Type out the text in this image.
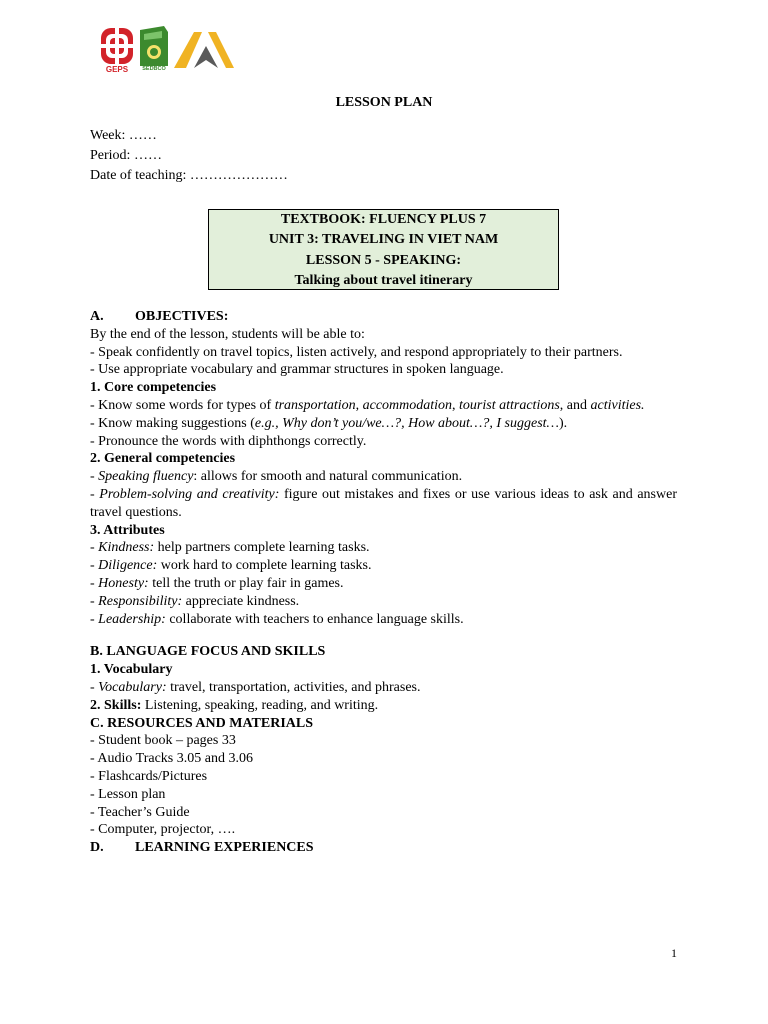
GEPS	SEDBCO
LESSON PLAN
Week: ……
Period: ……
Date of teaching: …………………
TEXTBOOK: FLUENCY PLUS 7
UNIT 3: TRAVELING IN VIET NAM
LESSON 5 - SPEAKING:
Talking about travel itinerary
A.	OBJECTIVES:
By the end of the lesson, students will be able to:
- Speak confidently on travel topics, listen actively, and respond appropriately to their partners.
- Use appropriate vocabulary and grammar structures in spoken language.
1. Core competencies
- Know some words for types of transportation, accommodation, tourist attractions, and activities.
- Know making suggestions (e.g., Why don’t you/we…?, How about…?, I suggest…).
- Pronounce the words with diphthongs correctly.
2. General competencies
- Speaking fluency: allows for smooth and natural communication.
- Problem-solving and creativity: figure out mistakes and fixes or use various ideas to ask and answer travel questions.
3. Attributes
- Kindness: help partners complete learning tasks.
- Diligence: work hard to complete learning tasks.
- Honesty: tell the truth or play fair in games.
- Responsibility: appreciate kindness.
- Leadership: collaborate with teachers to enhance language skills.
B. LANGUAGE FOCUS AND SKILLS
1. Vocabulary
- Vocabulary: travel, transportation, activities, and phrases.
2. Skills: Listening, speaking, reading, and writing.
C. RESOURCES AND MATERIALS
- Student book – pages 33
- Audio Tracks 3.05 and 3.06
- Flashcards/Pictures
- Lesson plan
- Teacher’s Guide
- Computer, projector, ….
D.	LEARNING EXPERIENCES
1
